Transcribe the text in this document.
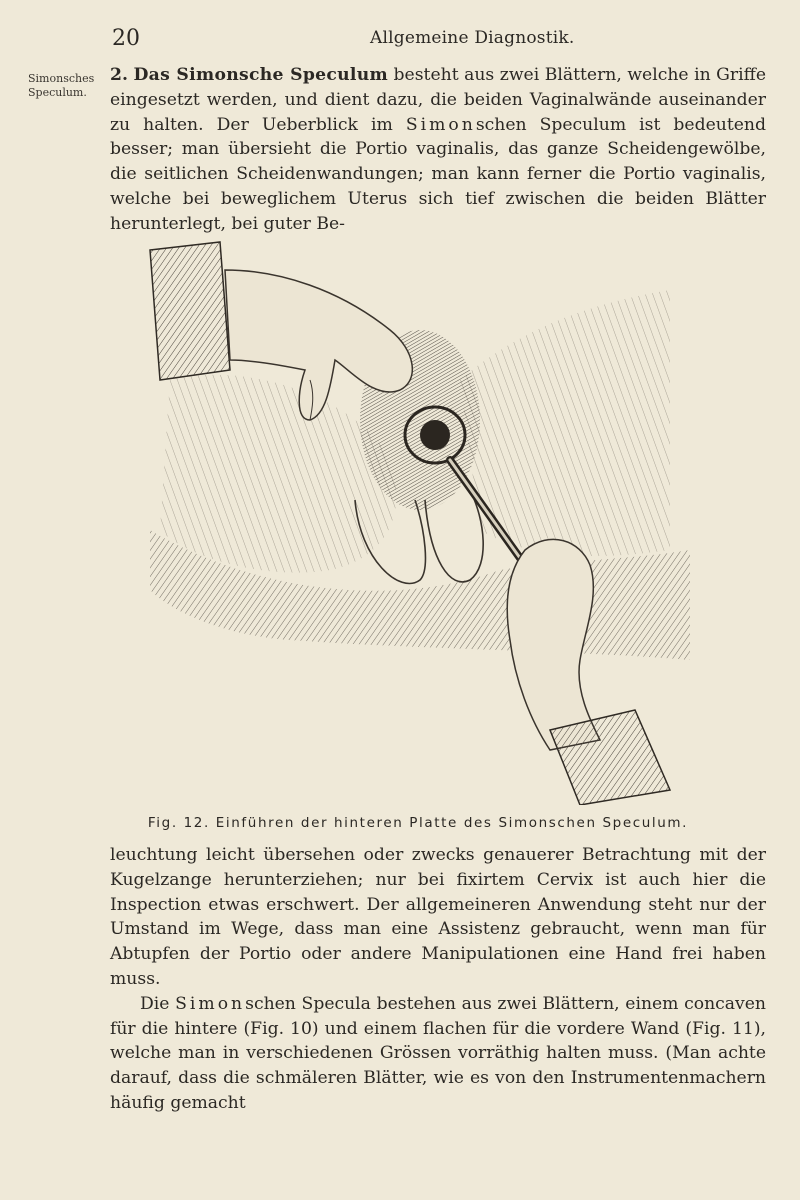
20	Allgemeine Diagnostik.
Simonsches Speculum.
2. Das Simonsche Speculum besteht aus zwei Blättern, welche in Griffe eingesetzt werden, und dient dazu, die beiden Vaginalwände auseinander zu halten. Der Ueberblick im Simonschen Speculum ist bedeutend besser; man übersieht die Portio vaginalis, das ganze Scheidengewölbe, die seitlichen Scheidenwandungen; man kann ferner die Portio vaginalis, welche bei beweglichem Uterus sich tief zwischen die beiden Blätter herunterlegt, bei guter Be-
Fig. 12. Einführen der hinteren Platte des Simonschen Speculum.
leuchtung leicht übersehen oder zwecks genauerer Betrachtung mit der Kugelzange herunterziehen; nur bei fixirtem Cervix ist auch hier die Inspection etwas erschwert. Der allgemeineren Anwendung steht nur der Umstand im Wege, dass man eine Assistenz gebraucht, wenn man für Abtupfen der Portio oder andere Manipulationen eine Hand frei haben muss.
Die Simonschen Specula bestehen aus zwei Blättern, einem concaven für die hintere (Fig. 10) und einem flachen für die vordere Wand (Fig. 11), welche man in verschiedenen Grössen vorräthig halten muss. (Man achte darauf, dass die schmäleren Blätter, wie es von den Instrumentenmachern häufig gemacht
